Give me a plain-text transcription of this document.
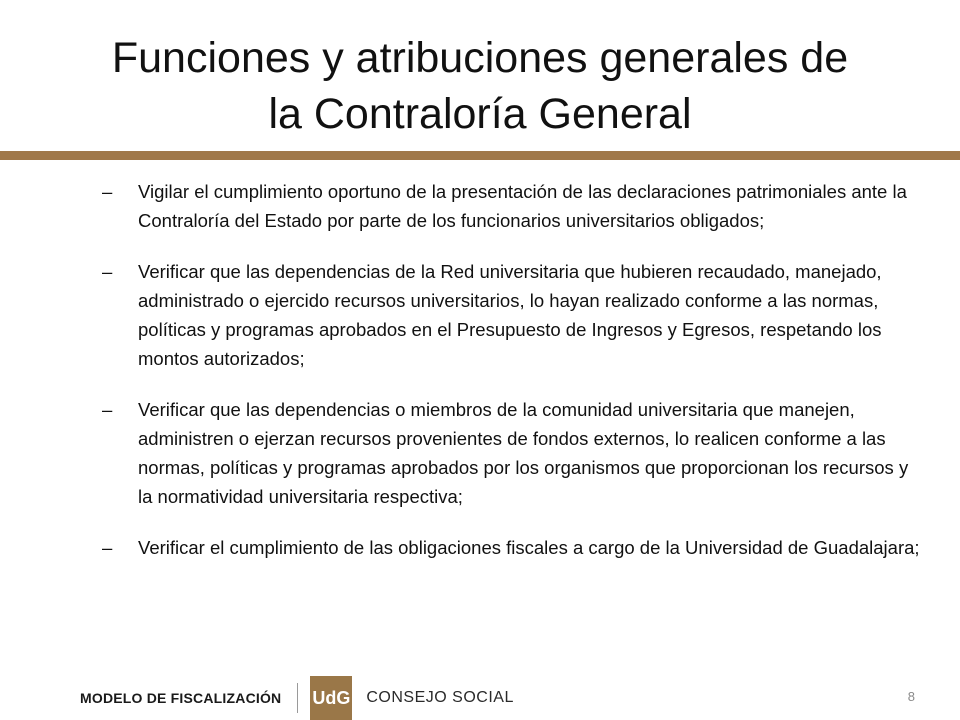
Funciones y atribuciones generales de
la Contraloría General
– Vigilar el cumplimiento oportuno de la presentación de las declaraciones patrimoniales ante la Contraloría del Estado por parte de los funcionarios universitarios obligados;
– Verificar que las dependencias de la Red universitaria que hubieren recaudado, manejado, administrado o ejercido recursos universitarios, lo hayan realizado conforme a las normas, políticas y programas aprobados en el Presupuesto de Ingresos y Egresos, respetando los montos autorizados;
– Verificar que las dependencias o miembros de la comunidad universitaria que manejen, administren o ejerzan recursos provenientes de fondos externos, lo realicen conforme a las normas, políticas y programas aprobados por los organismos que proporcionan los recursos y la normatividad universitaria respectiva;
– Verificar el cumplimiento de las obligaciones fiscales a cargo de la Universidad de Guadalajara;
8
MODELO DE FISCALIZACIÓN UdG CONSEJO SOCIAL
